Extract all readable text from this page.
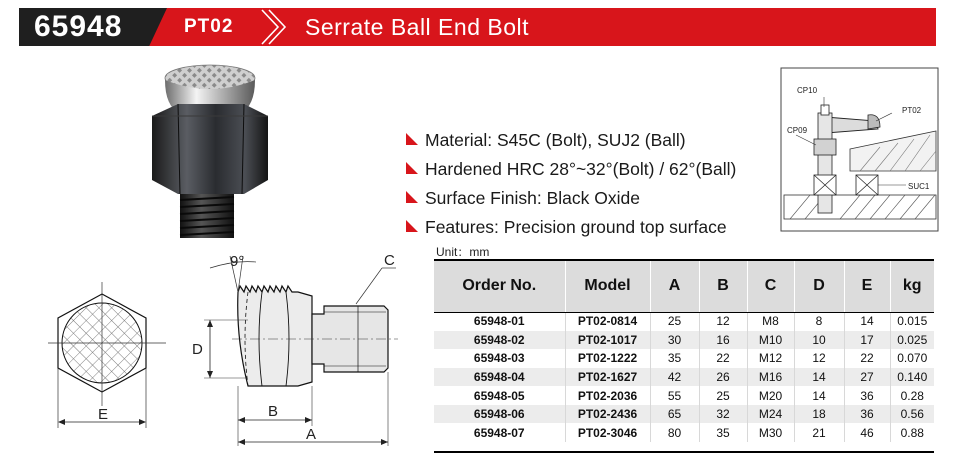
65948	PT02	Serrate Ball End Bolt
CP10
PT02
CP09
SUC1
E
9°	C
D
B
A
Material: S45C (Bolt), SUJ2 (Ball)
Hardened HRC 28°~32°(Bolt) / 62°(Ball)
Surface Finish: Black Oxide
Features: Precision ground top surface
Unit：mm
Order No.	Model	A	B	C	D	E	kg
65948-01	PT02-0814	25	12	M8	8	14	0.015
65948-02	PT02-1017	30	16	M10	10	17	0.025
65948-03	PT02-1222	35	22	M12	12	22	0.070
65948-04	PT02-1627	42	26	M16	14	27	0.140
65948-05	PT02-2036	55	25	M20	14	36	0.28
65948-06	PT02-2436	65	32	M24	18	36	0.56
65948-07	PT02-3046	80	35	M30	21	46	0.88
